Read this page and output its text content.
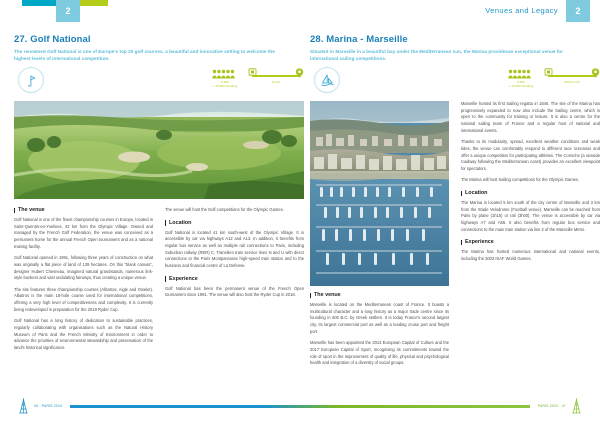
2	Venues and Legacy	2
27. Golf National
The renowned Golf National is one of Europe's top 20 golf courses, a beautiful and innovative setting to welcome the highest levels of international competition.
5,000
+ 30,000 standing
42 km
The venue

Golf National is one of the finest championship courses in Europe, located in Saint-Quentin-en-Yvelines, 42 km from the Olympic Village. Owned and managed by the French Golf Federation, the venue was conceived as a permanent home for the annual French Open tournament and as a national training facility.

Golf National opened in 1991, following three years of construction on what was originally a flat piece of land of 139 hectares. On this "blank canvas", designer Hubert Chesneau, imagined natural grandstands, numerous link-style bunkers and vast undulating fairways, thus creating a unique venue.

The site features three championship courses (Albatros, Aigle and Oiselet). Albatros is the main 18-hole course used for international competitions, offering a very high level of competitiveness and complexity. It is currently being redeveloped in preparation for the 2018 Ryder Cup.

Golf National has a long history of dedication to sustainable practices, regularly collaborating with organisations such as the Natural History Museum of Paris and the French Ministry of Environment in order to advance the priorities of environmental stewardship and preservation of the land's historical significance.

The venue will host the Golf competitions for the Olympic Games.

Location

Golf National is located 41 km south-west of the Olympic Village. It is accessible by car via highways A12 and A13. In addition, it benefits from regular bus service as well as multiple rail connections to Paris, including Suburban railway (RER) C, Transilien train service lines N and U with direct connections to the Paris Montparnasse high-speed train station and to the business and financial centre of La Defense.

Experience

Golf National has been the permanent venue of the French Open tournament since 1991. The venue will also host the Ryder Cup in 2018.

28. Marina - Marseille
Situated in Marseille in a beautiful bay under the Mediterranean sun, the Marina providesan exceptional venue for international sailing competitions.
5,000
+ 10,000 standing
800 km rail
The venue

Marseille is located on the Mediterranean coast of France. It boasts a multicultural character and a long history as a major trade centre since its founding in 600 B.C. by Greek settlers. It is today France's second largest city, its largest commercial port as well as a leading cruise port and freight port.

Marseille has been appointed the 2013 European Capital of Culture and the 2017 European Capital of Sport, recognising its commitments toward the role of sport in the improvement of quality of life, physical and psychological health and integration of a diversity of social groups.

Marseille hosted its first Sailing regatta in 1846. The site of the Marina has progressively expanded to now also include the Sailing centre, which is open to the community for training or leisure. It is also a centre for the national sailing team of France and a regular host of national and international events.

Thanks to its modularity, spread, excellent weather conditions and weak tides, the venue can comfortably respond to different race scenarios and offer a unique competition for participating athletes. The Corniche (a seaside roadway following the Mediterranean coast) provides an excellent viewpoint for spectators.

The Marina will host Sailing competitions for the Olympic Games.

Location

The Marina is located 5 km south of the city centre of Marseille and 3 km from the Stade Velodrome (Football venue). Marseille can be reached from Paris by plane (1h15) or rail (3h00). The venue is accessible by car via highways A7 and A55. It also benefits from regular bus service and connections to the main train station via line 2 of the Marseille Metro.

Experience

The Marina has hosted numerous international and national events, including the 2002 ISAF World Games.

46 - PARIS 2024	PARIS 2024 - 47
